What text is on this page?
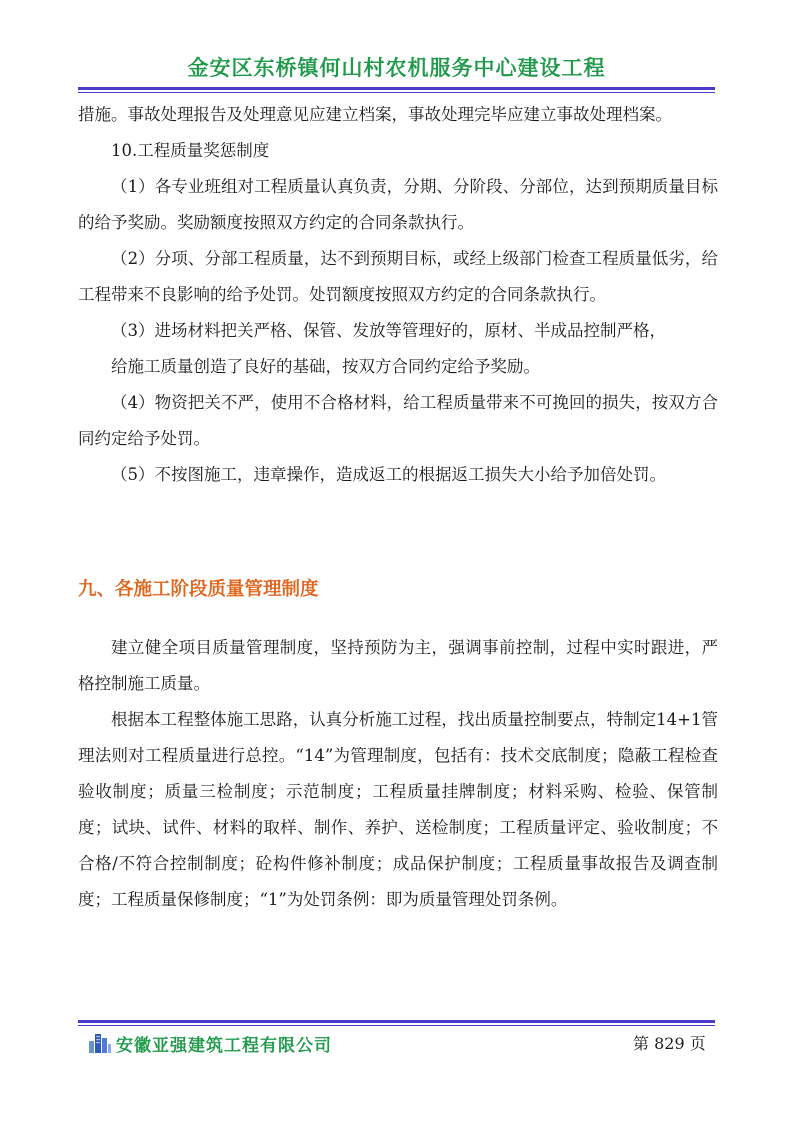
金安区东桥镇何山村农机服务中心建设工程

措施。事故处理报告及处理意见应建立档案，事故处理完毕应建立事故处理档案。

10.工程质量奖惩制度

（1）各专业班组对工程质量认真负责，分期、分阶段、分部位，达到预期质量目标的给予奖励。奖励额度按照双方约定的合同条款执行。

（2）分项、分部工程质量，达不到预期目标，或经上级部门检查工程质量低劣，给工程带来不良影响的给予处罚。处罚额度按照双方约定的合同条款执行。

（3）进场材料把关严格、保管、发放等管理好的，原材、半成品控制严格，

给施工质量创造了良好的基础，按双方合同约定给予奖励。

（4）物资把关不严，使用不合格材料，给工程质量带来不可挽回的损失，按双方合同约定给予处罚。

（5）不按图施工，违章操作，造成返工的根据返工损失大小给予加倍处罚。

九、各施工阶段质量管理制度

建立健全项目质量管理制度，坚持预防为主，强调事前控制，过程中实时跟进，严格控制施工质量。

根据本工程整体施工思路，认真分析施工过程，找出质量控制要点，特制定14+1管理法则对工程质量进行总控。“14”为管理制度，包括有：技术交底制度；隐蔽工程检查验收制度；质量三检制度；示范制度；工程质量挂牌制度；材料采购、检验、保管制度；试块、试件、材料的取样、制作、养护、送检制度；工程质量评定、验收制度；不合格/不符合控制制度；砼构件修补制度；成品保护制度；工程质量事故报告及调查制度；工程质量保修制度；“1”为处罚条例：即为质量管理处罚条例。

安徽亚强建筑工程有限公司	第 829 页
